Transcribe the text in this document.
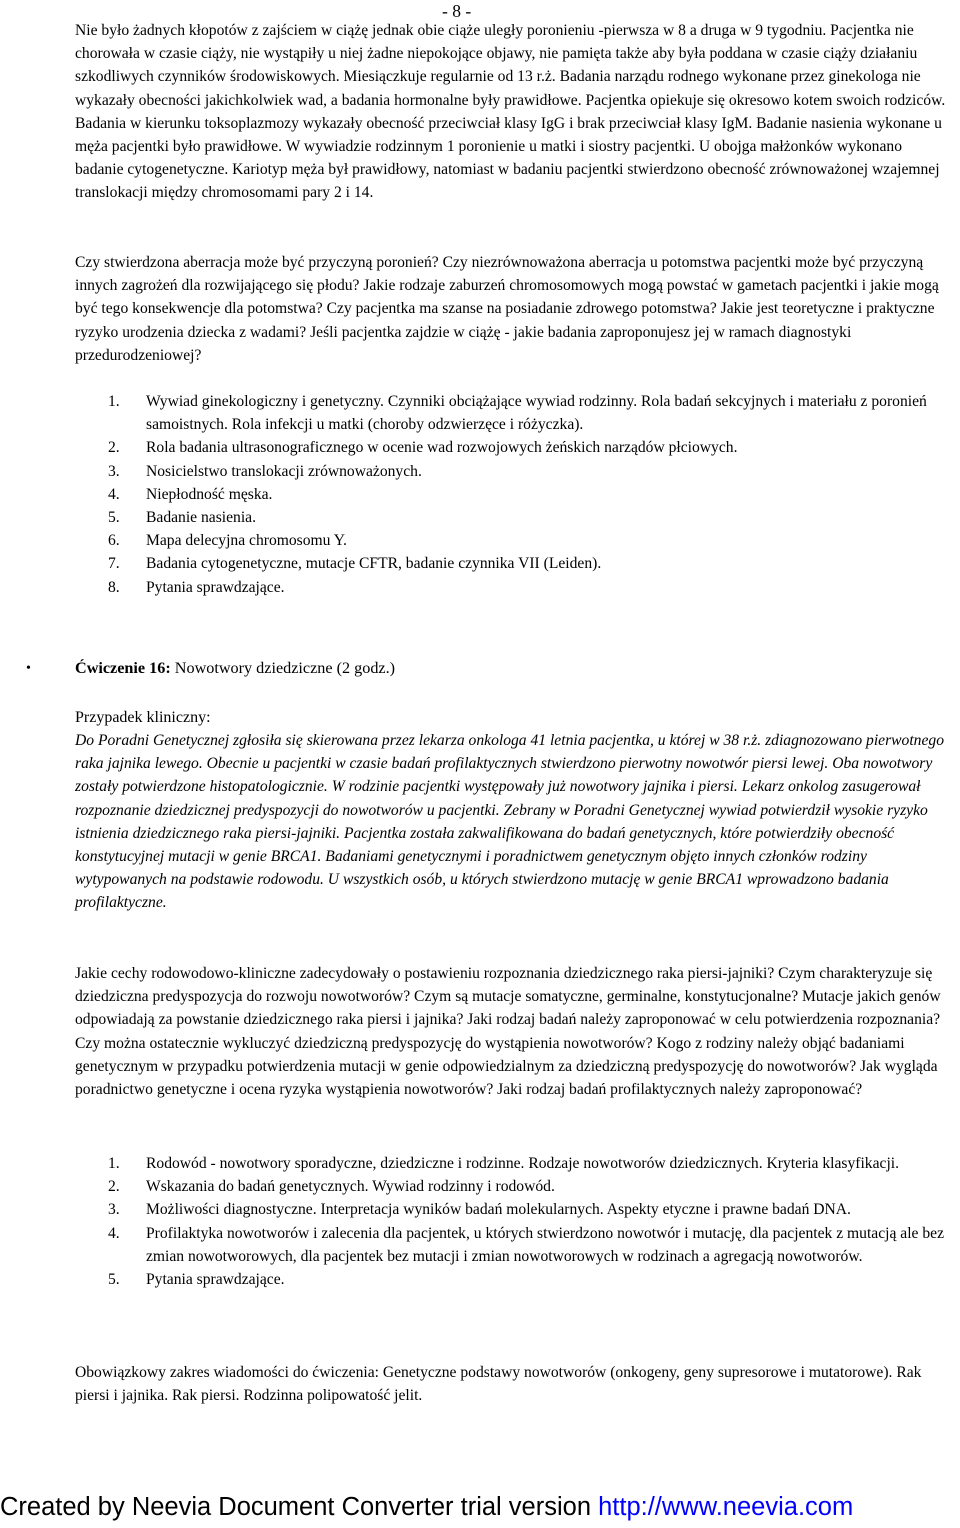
- 8 -

Nie było żadnych kłopotów z zajściem w ciążę jednak obie ciąże uległy poronieniu -pierwsza w 8 a druga w 9 tygodniu. Pacjentka nie chorowała w czasie ciąży, nie wystąpiły u niej żadne niepokojące objawy, nie pamięta także aby była poddana w czasie ciąży działaniu szkodliwych czynników środowiskowych. Miesiączkuje regularnie od 13 r.ż. Badania narządu rodnego wykonane przez ginekologa nie wykazały obecności jakichkolwiek wad, a badania hormonalne były prawidłowe. Pacjentka opiekuje się okresowo kotem swoich rodziców. Badania w kierunku toksoplazmozy wykazały obecność przeciwciał klasy IgG i brak przeciwciał klasy IgM. Badanie nasienia wykonane u męża pacjentki było prawidłowe. W wywiadzie rodzinnym 1 poronienie u matki i siostry pacjentki. U obojga małżonków wykonano badanie cytogenetyczne. Kariotyp męża był prawidłowy, natomiast w badaniu pacjentki stwierdzono obecność zrównoważonej wzajemnej translokacji między chromosomami pary 2 i 14.

Czy stwierdzona aberracja może być przyczyną poronień? Czy niezrównoważona aberracja u potomstwa pacjentki może być przyczyną innych zagrożeń dla rozwijającego się płodu? Jakie rodzaje zaburzeń chromosomowych mogą powstać w gametach pacjentki i jakie mogą być tego konsekwencje dla potomstwa? Czy pacjentka ma szanse na posiadanie zdrowego potomstwa? Jakie jest teoretyczne i praktyczne ryzyko urodzenia dziecka z wadami? Jeśli pacjentka zajdzie w ciążę - jakie badania zaproponujesz jej w ramach diagnostyki przedurodzeniowej?

1. Wywiad ginekologiczny i genetyczny. Czynniki obciążające wywiad rodzinny. Rola badań sekcyjnych i materiału z poronień samoistnych. Rola infekcji u matki (choroby odzwierzęce i różyczka).
2. Rola badania ultrasonograficznego w ocenie wad rozwojowych żeńskich narządów płciowych.
3. Nosicielstwo translokacji zrównoważonych.
4. Niepłodność męska.
5. Badanie nasienia.
6. Mapa delecyjna chromosomu Y.
7. Badania cytogenetyczne, mutacje CFTR, badanie czynnika VII (Leiden).
8. Pytania sprawdzające.
•	Ćwiczenie 16: Nowotwory dziedziczne (2 godz.)

Przypadek kliniczny:

Do Poradni Genetycznej zgłosiła się skierowana przez lekarza onkologa 41 letnia pacjentka, u której w 38 r.ż. zdiagnozowano pierwotnego raka jajnika lewego. Obecnie u pacjentki w czasie badań profilaktycznych stwierdzono pierwotny nowotwór piersi lewej. Oba nowotwory zostały potwierdzone histopatologicznie. W rodzinie pacjentki występowały już nowotwory jajnika i piersi. Lekarz onkolog zasugerował rozpoznanie dziedzicznej predyspozycji do nowotworów u pacjentki. Zebrany w Poradni Genetycznej wywiad potwierdził wysokie ryzyko istnienia dziedzicznego raka piersi-jajniki. Pacjentka została zakwalifikowana do badań genetycznych, które potwierdziły obecność konstytucyjnej mutacji w genie BRCA1. Badaniami genetycznymi i poradnictwem genetycznym objęto innych członków rodziny wytypowanych na podstawie rodowodu. U wszystkich osób, u których stwierdzono mutację w genie BRCA1 wprowadzono badania profilaktyczne.

Jakie cechy rodowodowo-kliniczne zadecydowały o postawieniu rozpoznania dziedzicznego raka piersi-jajniki? Czym charakteryzuje się dziedziczna predyspozycja do rozwoju nowotworów? Czym są mutacje somatyczne, germinalne, konstytucjonalne? Mutacje jakich genów odpowiadają za powstanie dziedzicznego raka piersi i jajnika? Jaki rodzaj badań należy zaproponować w celu potwierdzenia rozpoznania? Czy można ostatecznie wykluczyć dziedziczną predyspozycję do wystąpienia nowotworów? Kogo z rodziny należy objąć badaniami genetycznym w przypadku potwierdzenia mutacji w genie odpowiedzialnym za dziedziczną predyspozycję do nowotworów? Jak wygląda poradnictwo genetyczne i ocena ryzyka wystąpienia nowotworów? Jaki rodzaj badań profilaktycznych należy zaproponować?

1. Rodowód - nowotwory sporadyczne, dziedziczne i rodzinne. Rodzaje nowotworów dziedzicznych. Kryteria klasyfikacji.
2. Wskazania do badań genetycznych. Wywiad rodzinny i rodowód.
3. Możliwości diagnostyczne. Interpretacja wyników badań molekularnych. Aspekty etyczne i prawne badań DNA.
4. Profilaktyka nowotworów i zalecenia dla pacjentek, u których stwierdzono nowotwór i mutację, dla pacjentek z mutacją ale bez zmian nowotworowych, dla pacjentek bez mutacji i zmian nowotworowych w rodzinach a agregacją nowotworów.
5. Pytania sprawdzające.

Obowiązkowy zakres wiadomości do ćwiczenia: Genetyczne podstawy nowotworów (onkogeny, geny supresorowe i mutatorowe). Rak piersi i jajnika. Rak piersi. Rodzinna polipowatość jelit.

Created by Neevia Document Converter trial version http://www.neevia.com
